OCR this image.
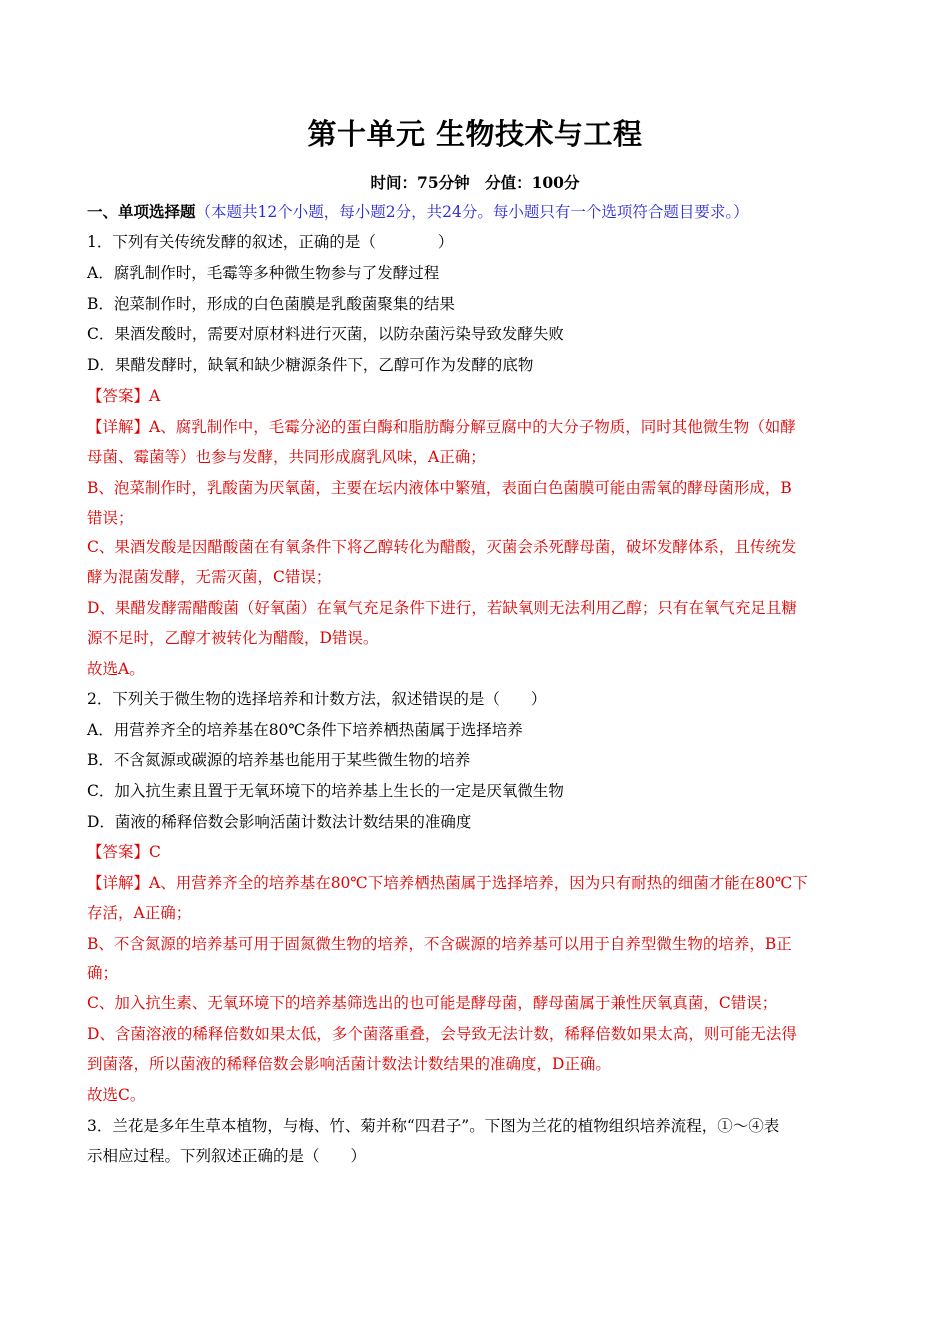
第十单元 生物技术与工程
时间：75分钟　分值：100分
一、单项选择题（本题共12个小题，每小题2分，共24分。每小题只有一个选项符合题目要求。）
1．下列有关传统发酵的叙述，正确的是（　　　　）
A．腐乳制作时，毛霉等多种微生物参与了发酵过程
B．泡菜制作时，形成的白色菌膜是乳酸菌聚集的结果
C．果酒发酸时，需要对原材料进行灭菌，以防杂菌污染导致发酵失败
D．果醋发酵时，缺氧和缺少糖源条件下，乙醇可作为发酵的底物
【答案】A
【详解】A、腐乳制作中，毛霉分泌的蛋白酶和脂肪酶分解豆腐中的大分子物质，同时其他微生物（如酵
母菌、霉菌等）也参与发酵，共同形成腐乳风味，A正确；
B、泡菜制作时，乳酸菌为厌氧菌，主要在坛内液体中繁殖，表面白色菌膜可能由需氧的酵母菌形成，B
错误；
C、果酒发酸是因醋酸菌在有氧条件下将乙醇转化为醋酸，灭菌会杀死酵母菌，破坏发酵体系，且传统发
酵为混菌发酵，无需灭菌，C错误；
D、果醋发酵需醋酸菌（好氧菌）在氧气充足条件下进行，若缺氧则无法利用乙醇；只有在氧气充足且糖
源不足时，乙醇才被转化为醋酸，D错误。
故选A。
2．下列关于微生物的选择培养和计数方法，叙述错误的是（　　）
A．用营养齐全的培养基在80℃条件下培养栖热菌属于选择培养
B．不含氮源或碳源的培养基也能用于某些微生物的培养
C．加入抗生素且置于无氧环境下的培养基上生长的一定是厌氧微生物
D．菌液的稀释倍数会影响活菌计数法计数结果的准确度
【答案】C
【详解】A、用营养齐全的培养基在80℃下培养栖热菌属于选择培养，因为只有耐热的细菌才能在80℃下
存活，A正确；
B、不含氮源的培养基可用于固氮微生物的培养，不含碳源的培养基可以用于自养型微生物的培养，B正
确；
C、加入抗生素、无氧环境下的培养基筛选出的也可能是酵母菌，酵母菌属于兼性厌氧真菌，C错误；
D、含菌溶液的稀释倍数如果太低，多个菌落重叠，会导致无法计数，稀释倍数如果太高，则可能无法得
到菌落，所以菌液的稀释倍数会影响活菌计数法计数结果的准确度，D正确。
故选C。
3．兰花是多年生草本植物，与梅、竹、菊并称“四君子”。下图为兰花的植物组织培养流程，①～④表
示相应过程。下列叙述正确的是（　　）
